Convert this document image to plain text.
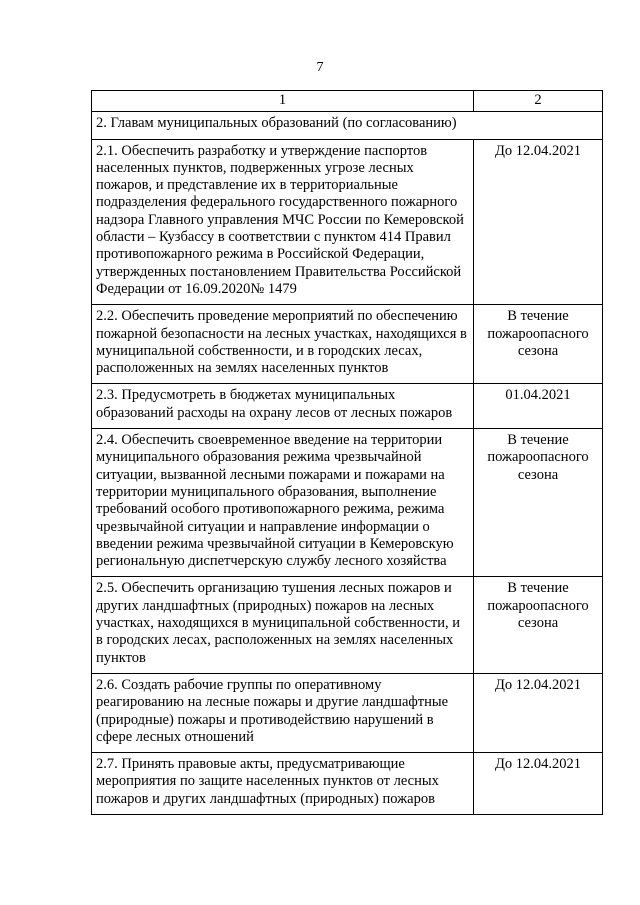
7
1	2
2. Главам муниципальных образований (по согласованию)	
2.1. Обеспечить разработку и утверждение паспортов населенных пунктов, подверженных угрозе лесных пожаров, и представление их в территориальные подразделения федерального государственного пожарного надзора Главного управления МЧС России по Кемеровской области – Кузбассу в соответствии с пунктом 414 Правил противопожарного режима в Российской Федерации, утвержденных постановлением Правительства Российской Федерации от 16.09.2020№ 1479	До 12.04.2021
2.2. Обеспечить проведение мероприятий по обеспечению пожарной безопасности на лесных участках, находящихся в муниципальной собственности, и в городских лесах, расположенных на землях населенных пунктов	В течение пожароопасного сезона
2.3. Предусмотреть в бюджетах муниципальных образований расходы на охрану лесов от лесных пожаров	01.04.2021
2.4. Обеспечить своевременное введение на территории муниципального образования режима чрезвычайной ситуации, вызванной лесными пожарами и пожарами на территории муниципального образования, выполнение требований особого противопожарного режима, режима чрезвычайной ситуации и направление информации о введении режима чрезвычайной ситуации в Кемеровскую региональную диспетчерскую службу лесного хозяйства	В течение пожароопасного сезона
2.5. Обеспечить организацию тушения лесных пожаров и других ландшафтных (природных) пожаров на лесных участках, находящихся в муниципальной собственности, и в городских лесах, расположенных на землях населенных пунктов	В течение пожароопасного сезона
2.6. Создать рабочие группы по оперативному реагированию на лесные пожары и другие ландшафтные (природные) пожары и противодействию нарушений в сфере лесных отношений	До 12.04.2021
2.7. Принять правовые акты, предусматривающие мероприятия по защите населенных пунктов от лесных пожаров и других ландшафтных (природных) пожаров	До 12.04.2021
